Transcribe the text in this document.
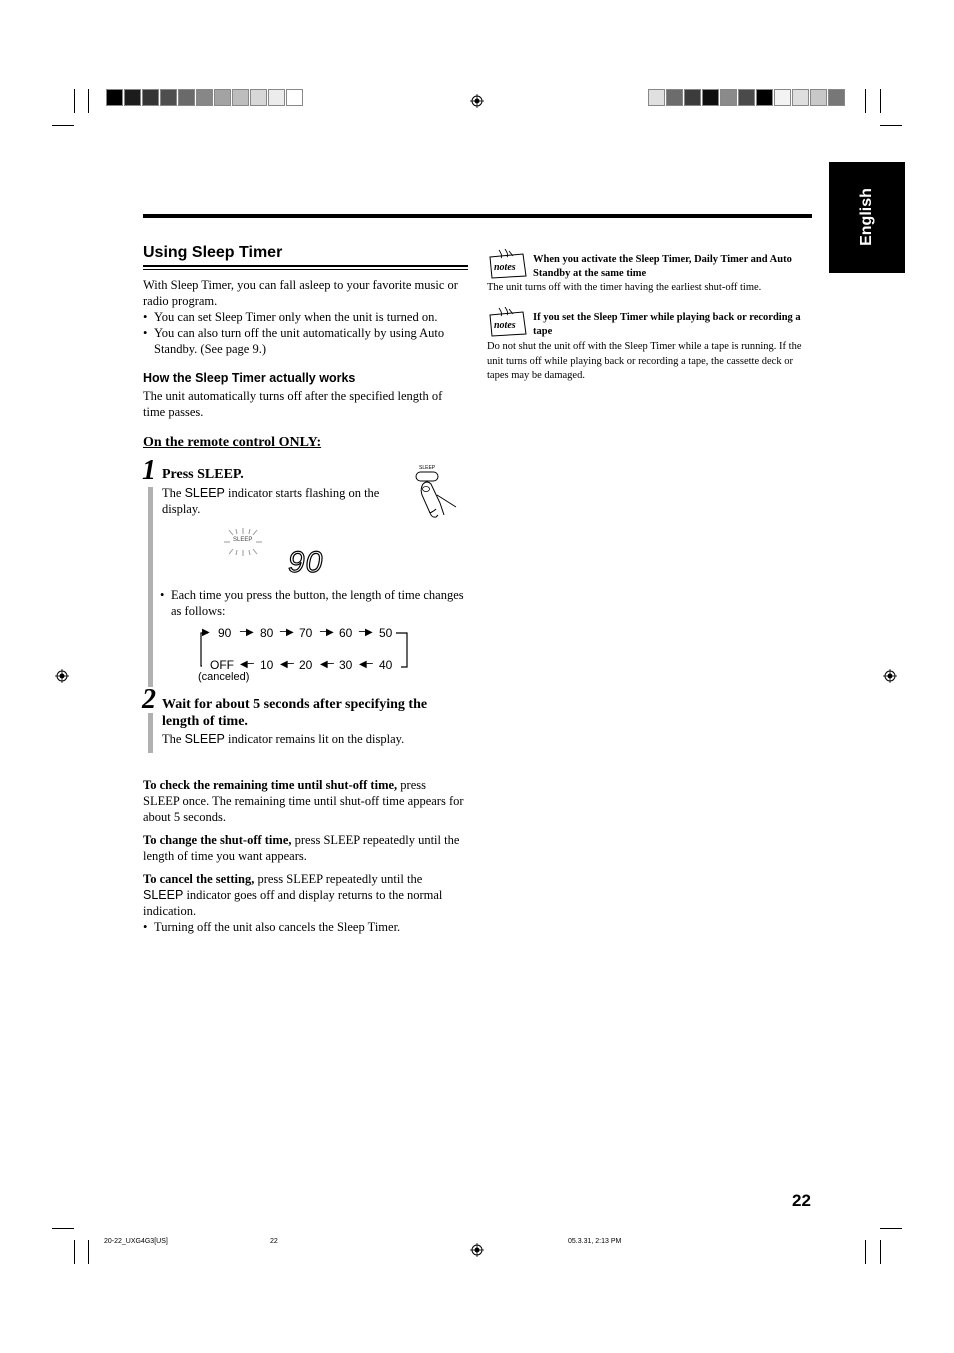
English
Using Sleep Timer

With Sleep Timer, you can fall asleep to your favorite music or radio program.

• You can set Sleep Timer only when the unit is turned on.

• You can also turn off the unit automatically by using Auto Standby. (See page 9.)

How the Sleep Timer actually works

The unit automatically turns off after the specified length of time passes.

On the remote control ONLY:
1 Press SLEEP.

The SLEEP indicator starts flashing on the display.

SLEEP
SLEEP
90

• Each time you press the button, the length of time changes as follows:

▶ 90 ─▶ 80 ─▶ 70 ─▶ 60 ─▶ 50
OFF ◀─ 10 ◀─ 20 ◀─ 30 ◀─ 40
(canceled)
2 Wait for about 5 seconds after specifying the length of time.

The SLEEP indicator remains lit on the display.

To check the remaining time until shut-off time, press SLEEP once. The remaining time until shut-off time appears for about 5 seconds.

To change the shut-off time, press SLEEP repeatedly until the length of time you want appears.

To cancel the setting, press SLEEP repeatedly until the SLEEP indicator goes off and display returns to the normal indication.

• Turning off the unit also cancels the Sleep Timer.

notes
When you activate the Sleep Timer, Daily Timer and Auto Standby at the same time

The unit turns off with the timer having the earliest shut-off time.

notes
If you set the Sleep Timer while playing back or recording a tape

Do not shut the unit off with the Sleep Timer while a tape is running. If the unit turns off while playing back or recording a tape, the cassette deck or tapes may be damaged.

22
20-22_UXG4G3[US]	22	05.3.31, 2:13 PM
